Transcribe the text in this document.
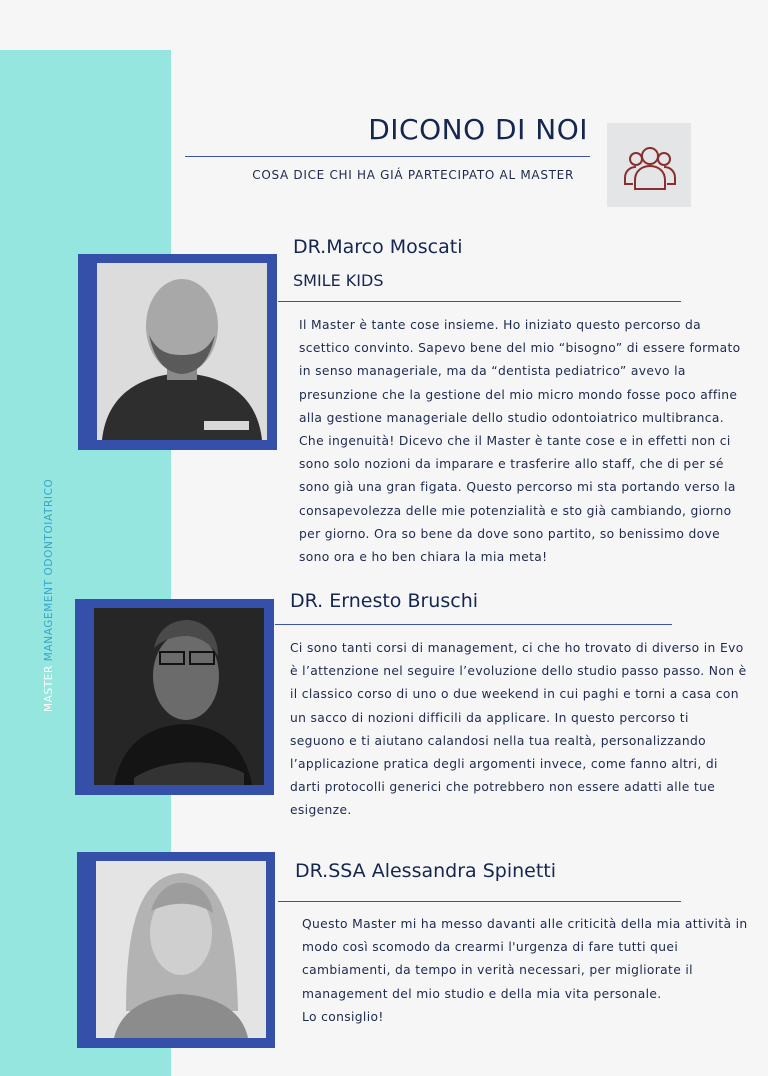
MASTER MANAGEMENT ODONTOIATRICO
DICONO DI NOI
COSA DICE CHI HA GIÁ PARTECIPATO AL MASTER
DR.Marco Moscati
SMILE KIDS

Il Master è tante cose insieme. Ho iniziato questo percorso da

scettico convinto. Sapevo bene del mio “bisogno” di essere formato

in senso manageriale, ma da “dentista pediatrico” avevo la

presunzione che la gestione del mio micro mondo fosse poco affine

alla gestione manageriale dello studio odontoiatrico multibranca.

Che ingenuità! Dicevo che il Master è tante cose e in effetti non ci

sono solo nozioni da imparare e trasferire allo staff, che di per sé

sono già una gran figata. Questo percorso mi sta portando verso la

consapevolezza delle mie potenzialità e sto già cambiando, giorno

per giorno. Ora so bene da dove sono partito, so benissimo dove

sono ora e ho ben chiara la mia meta!

DR. Ernesto Bruschi

Ci sono tanti corsi di management, ci che ho trovato di diverso in Evo

è l’attenzione nel seguire l’evoluzione dello studio passo passo. Non è

il classico corso di uno o due weekend in cui paghi e torni a casa con

un sacco di nozioni difficili da applicare. In questo percorso ti

seguono e ti aiutano calandosi nella tua realtà, personalizzando

l’applicazione pratica degli argomenti invece, come fanno altri, di

darti protocolli generici che potrebbero non essere adatti alle tue

esigenze.

DR.SSA Alessandra Spinetti

Questo Master mi ha messo davanti alle criticità della mia attività in

modo così scomodo da crearmi l'urgenza di fare tutti quei

cambiamenti, da tempo in verità necessari, per migliorate il

management del mio studio e della mia vita personale.

Lo consiglio!
